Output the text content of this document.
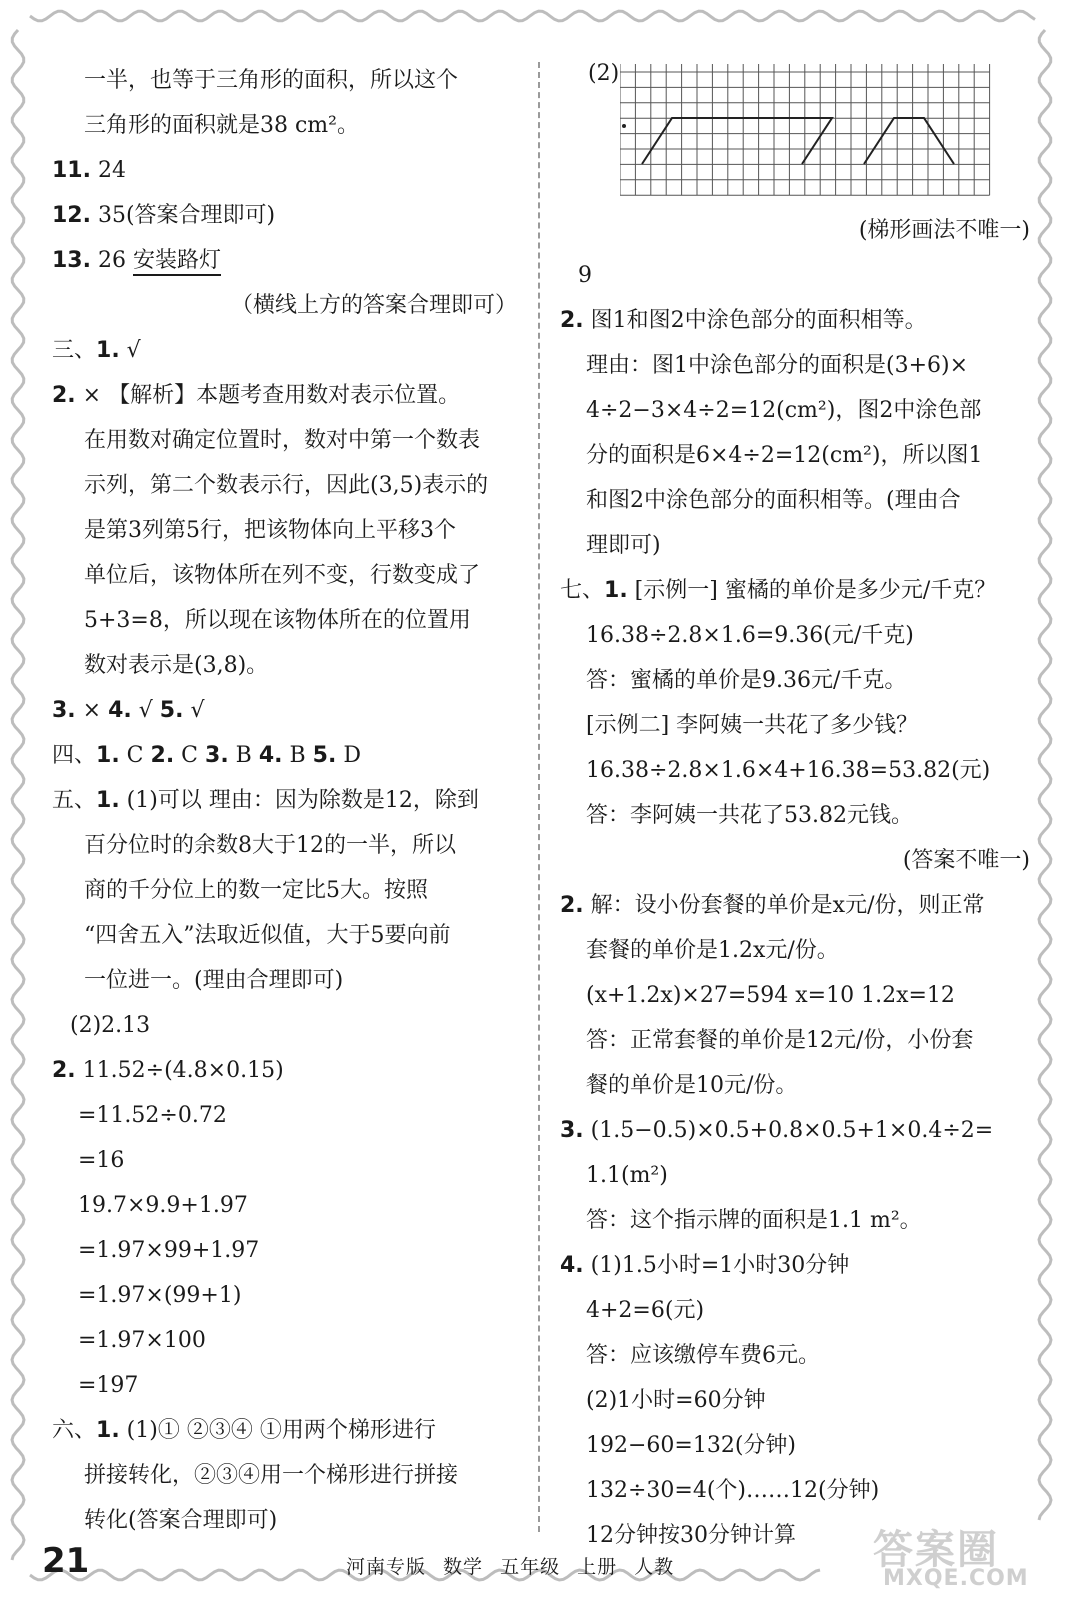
一半，也等于三角形的面积，所以这个
三角形的面积就是38 cm²。
11. 24
12. 35(答案合理即可)
13. 26 安装路灯
（横线上方的答案合理即可）
三、1. √
2. × 【解析】本题考查用数对表示位置。
在用数对确定位置时，数对中第一个数表
示列，第二个数表示行，因此(3,5)表示的
是第3列第5行，把该物体向上平移3个
单位后，该物体所在列不变，行数变成了
5+3=8，所以现在该物体所在的位置用
数对表示是(3,8)。
3. × 4. √ 5. √
四、1. C 2. C 3. B 4. B 5. D
五、1. (1)可以 理由：因为除数是12，除到
百分位时的余数8大于12的一半，所以
商的千分位上的数一定比5大。按照
“四舍五入”法取近似值，大于5要向前
一位进一。(理由合理即可)
(2)2.13
2. 11.52÷(4.8×0.15)
=11.52÷0.72
=16
19.7×9.9+1.97
=1.97×99+1.97
=1.97×(99+1)
=1.97×100
=197
六、1. (1)① ②③④ ①用两个梯形进行
拼接转化，②③④用一个梯形进行拼接
转化(答案合理即可)
(2)
(梯形画法不唯一)
9
2. 图1和图2中涂色部分的面积相等。
理由：图1中涂色部分的面积是(3+6)×
4÷2−3×4÷2=12(cm²)，图2中涂色部
分的面积是6×4÷2=12(cm²)，所以图1
和图2中涂色部分的面积相等。(理由合
理即可)
七、1. [示例一] 蜜橘的单价是多少元/千克？
16.38÷2.8×1.6=9.36(元/千克)
答：蜜橘的单价是9.36元/千克。
[示例二] 李阿姨一共花了多少钱？
16.38÷2.8×1.6×4+16.38=53.82(元)
答：李阿姨一共花了53.82元钱。
(答案不唯一)
2. 解：设小份套餐的单价是x元/份，则正常
套餐的单价是1.2x元/份。
(x+1.2x)×27=594 x=10 1.2x=12
答：正常套餐的单价是12元/份，小份套
餐的单价是10元/份。
3. (1.5−0.5)×0.5+0.8×0.5+1×0.4÷2=
1.1(m²)
答：这个指示牌的面积是1.1 m²。
4. (1)1.5小时=1小时30分钟
4+2=6(元)
答：应该缴停车费6元。
(2)1小时=60分钟
192−60=132(分钟)
132÷30=4(个)……12(分钟)
12分钟按30分钟计算
21	河南专版 数学 五年级 上册 人教	答案圈
MXQE.COM
